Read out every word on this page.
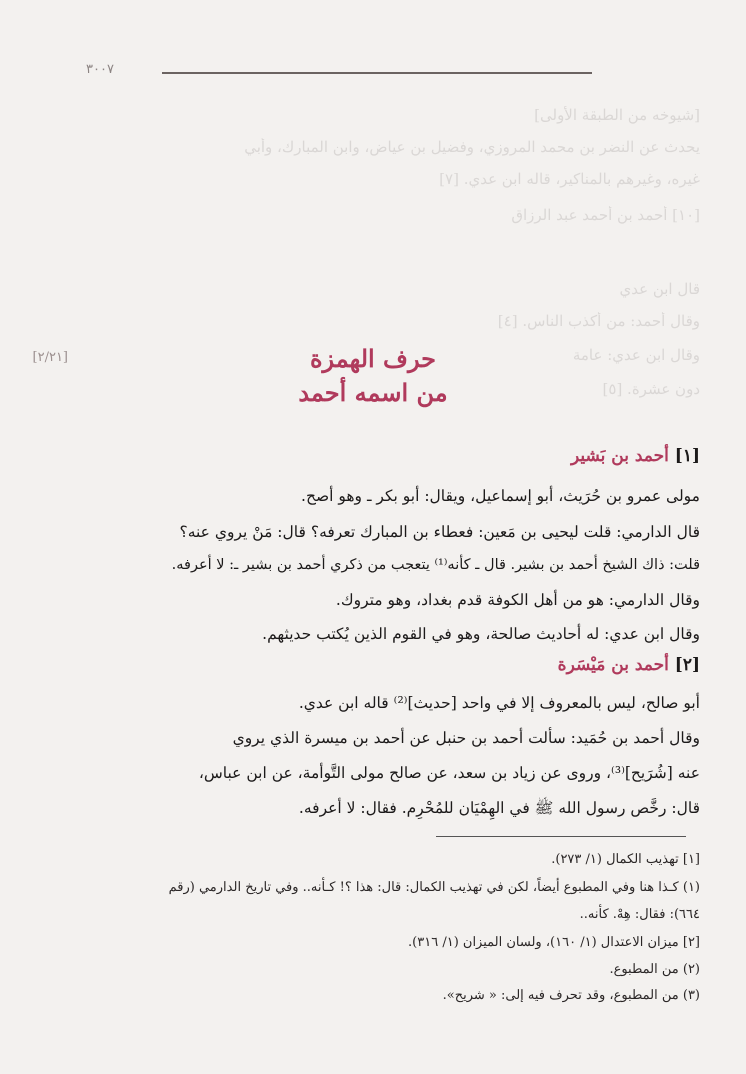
٣٠٠٧
[٢/٢١]
[شيوخه من الطبقة الأولى]
يحدث عن النضر بن محمد المروزي، وفضيل بن عياض، وابن المبارك، وأبي
غيره، وغيرهم بالمناكير، قاله ابن عدي. [٧]
[١٠] أحمد بن أحمد عبد الرزاق
قال ابن عدي
وقال أحمد: من أكذب الناس. [٤]
وقال ابن عدي: عامة
دون عشرة. [٥]
حرف الهمزة
من اسمه أحمد
[١] أحمد بن بَشير
مولى عمرو بن حُرَيث، أبو إسماعيل، ويقال: أبو بكر ـ وهو أصح.
قال الدارمي: قلت ليحيى بن مَعين: فعطاء بن المبارك تعرفه؟ قال: مَنْ يروي عنه؟
قلت: ذاك الشيخ أحمد بن بشير. قال ـ كأنه⁽¹⁾ يتعجب من ذكري أحمد بن بشير ـ: لا أعرفه.
وقال الدارمي: هو من أهل الكوفة قدم بغداد، وهو متروك.
وقال ابن عدي: له أحاديث صالحة، وهو في القوم الذين يُكتب حديثهم.
[٢] أحمد بن مَيْسَرة
أبو صالح، ليس بالمعروف إلا في واحد [حديث]⁽²⁾ قاله ابن عدي.
وقال أحمد بن حُمَيد: سألت أحمد بن حنبل عن أحمد بن ميسرة الذي يروي
عنه [شُرَيح]⁽³⁾، وروى عن زياد بن سعد، عن صالح مولى التَّوأمة، عن ابن عباس،
قال: رخَّص رسول الله ﷺ في الهِمْيَان للمُحْرِم. فقال: لا أعرفه.
[١] تهذيب الكمال (١/ ٢٧٣).
(١) كـذا هنا وفي المطبوع أيضاً، لكن في تهذيب الكمال: قال: هذا ؟! كـأنه.. وفي تاريخ الدارمي (رقم
٦٦٤): فقال: هِهْ. كأنه..
[٢] ميزان الاعتدال (١/ ١٦٠)، ولسان الميزان (١/ ٣١٦).
(٢) من المطبوع.
(٣) من المطبوع، وقد تحرف فيه إلى: « شريح».
